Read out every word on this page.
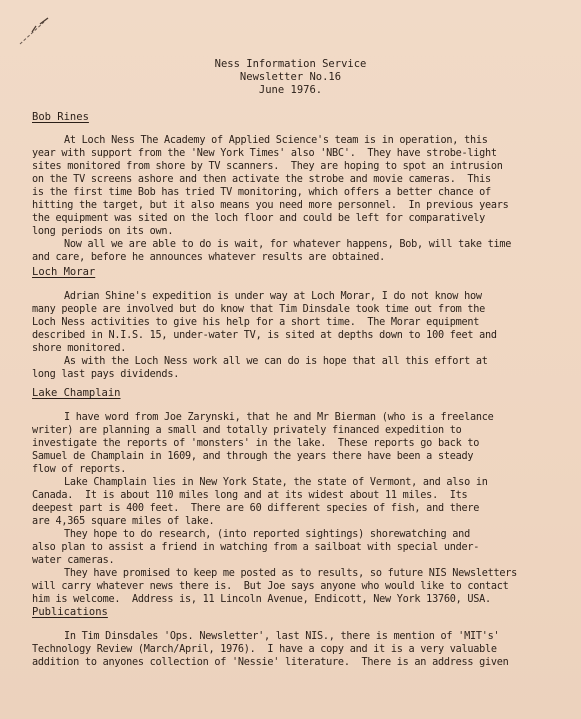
Ness Information Service
Newsletter No.16
June 1976.
Bob Rines
At Loch Ness The Academy of Applied Science's team is in operation, this
year with support from the 'New York Times' also 'NBC'.  They have strobe-light
sites monitored from shore by TV scanners.  They are hoping to spot an intrusion
on the TV screens ashore and then activate the strobe and movie cameras.  This
is the first time Bob has tried TV monitoring, which offers a better chance of
hitting the target, but it also means you need more personnel.  In previous years
the equipment was sited on the loch floor and could be left for comparatively
long periods on its own.
Now all we are able to do is wait, for whatever happens, Bob, will take time
and care, before he announces whatever results are obtained.
Loch Morar
Adrian Shine's expedition is under way at Loch Morar, I do not know how
many people are involved but do know that Tim Dinsdale took time out from the
Loch Ness activities to give his help for a short time.  The Morar equipment
described in N.I.S. 15, under-water TV, is sited at depths down to 100 feet and
shore monitored.
As with the Loch Ness work all we can do is hope that all this effort at
long last pays dividends.
Lake Champlain
I have word from Joe Zarynski, that he and Mr Bierman (who is a freelance
writer) are planning a small and totally privately financed expedition to
investigate the reports of 'monsters' in the lake.  These reports go back to
Samuel de Champlain in 1609, and through the years there have been a steady
flow of reports.
Lake Champlain lies in New York State, the state of Vermont, and also in
Canada.  It is about 110 miles long and at its widest about 11 miles.  Its
deepest part is 400 feet.  There are 60 different species of fish, and there
are 4,365 square miles of lake.
They hope to do research, (into reported sightings) shorewatching and
also plan to assist a friend in watching from a sailboat with special under-
water cameras.
They have promised to keep me posted as to results, so future NIS Newsletters
will carry whatever news there is.  But Joe says anyone who would like to contact
him is welcome.  Address is, 11 Lincoln Avenue, Endicott, New York 13760, USA.
Publications
In Tim Dinsdales 'Ops. Newsletter', last NIS., there is mention of 'MIT's'
Technology Review (March/April, 1976).  I have a copy and it is a very valuable
addition to anyones collection of 'Nessie' literature.  There is an address given
